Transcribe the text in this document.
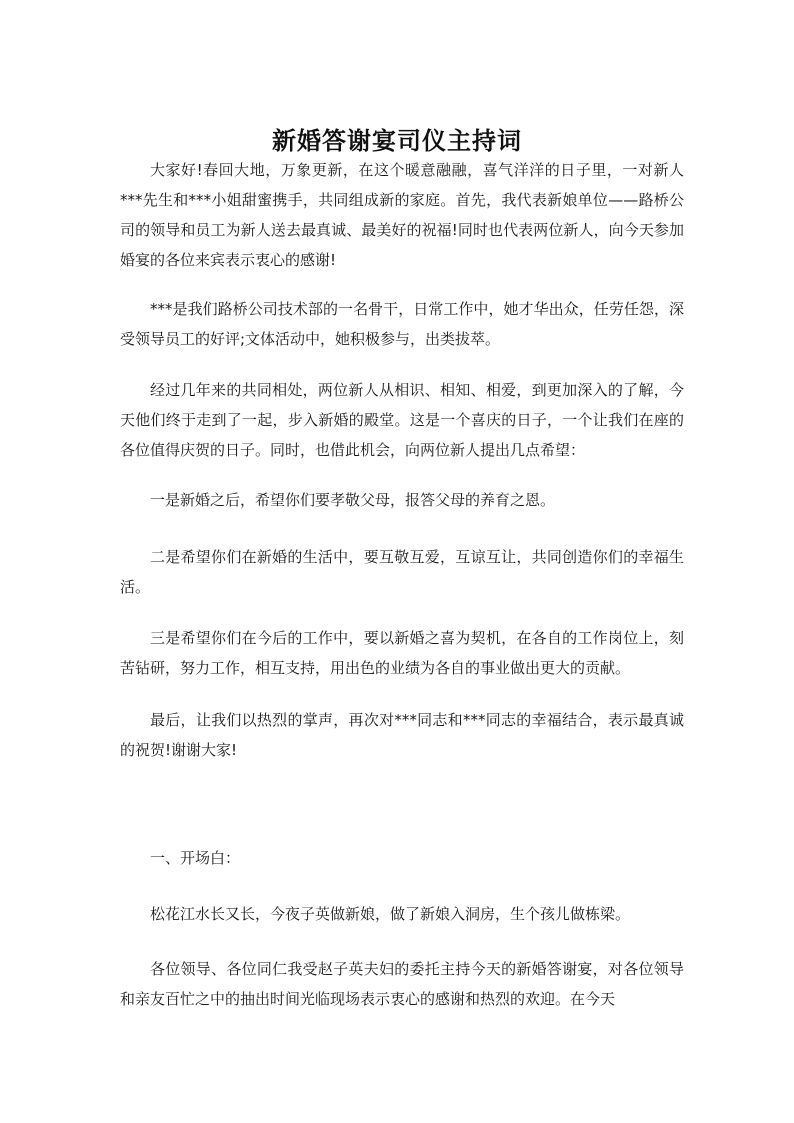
新婚答谢宴司仪主持词

大家好!春回大地，万象更新，在这个暖意融融，喜气洋洋的日子里，一对新人***先生和***小姐甜蜜携手，共同组成新的家庭。首先，我代表新娘单位——路桥公司的领导和员工为新人送去最真诚、最美好的祝福!同时也代表两位新人，向今天参加婚宴的各位来宾表示衷心的感谢!

***是我们路桥公司技术部的一名骨干，日常工作中，她才华出众，任劳任怨，深受领导员工的好评;文体活动中，她积极参与，出类拔萃。

经过几年来的共同相处，两位新人从相识、相知、相爱，到更加深入的了解，今天他们终于走到了一起，步入新婚的殿堂。这是一个喜庆的日子，一个让我们在座的各位值得庆贺的日子。同时，也借此机会，向两位新人提出几点希望：

一是新婚之后，希望你们要孝敬父母，报答父母的养育之恩。

二是希望你们在新婚的生活中，要互敬互爱，互谅互让，共同创造你们的幸福生活。

三是希望你们在今后的工作中，要以新婚之喜为契机，在各自的工作岗位上，刻苦钻研，努力工作，相互支持，用出色的业绩为各自的事业做出更大的贡献。

最后，让我们以热烈的掌声，再次对***同志和***同志的幸福结合，表示最真诚的祝贺!谢谢大家!

一、开场白：

松花江水长又长，今夜子英做新娘，做了新娘入洞房，生个孩儿做栋梁。

各位领导、各位同仁我受赵子英夫妇的委托主持今天的新婚答谢宴，对各位领导和亲友百忙之中的抽出时间光临现场表示衷心的感谢和热烈的欢迎。在今天
